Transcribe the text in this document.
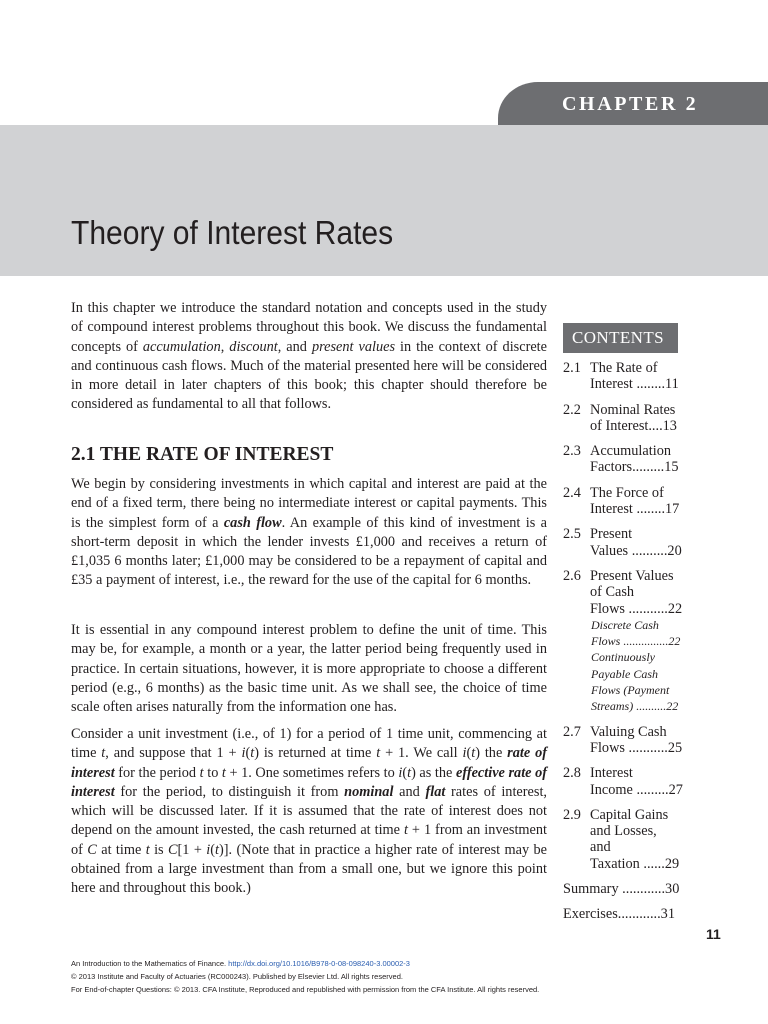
CHAPTER 2
Theory of Interest Rates

In this chapter we introduce the standard notation and concepts used in the study of compound interest problems throughout this book. We discuss the fundamental concepts of accumulation, discount, and present values in the context of discrete and continuous cash flows. Much of the material presented here will be considered in more detail in later chapters of this book; this chapter should therefore be considered as fundamental to all that follows.

2.1 THE RATE OF INTEREST

We begin by considering investments in which capital and interest are paid at the end of a fixed term, there being no intermediate interest or capital payments. This is the simplest form of a cash flow. An example of this kind of investment is a short-term deposit in which the lender invests £1,000 and receives a return of £1,035 6 months later; £1,000 may be considered to be a repayment of capital and £35 a payment of interest, i.e., the reward for the use of the capital for 6 months.

It is essential in any compound interest problem to define the unit of time. This may be, for example, a month or a year, the latter period being frequently used in practice. In certain situations, however, it is more appropriate to choose a different period (e.g., 6 months) as the basic time unit. As we shall see, the choice of time scale often arises naturally from the information one has.

Consider a unit investment (i.e., of 1) for a period of 1 time unit, commencing at time t, and suppose that 1 + i(t) is returned at time t + 1. We call i(t) the rate of interest for the period t to t + 1. One sometimes refers to i(t) as the effective rate of interest for the period, to distinguish it from nominal and flat rates of interest, which will be discussed later. If it is assumed that the rate of interest does not depend on the amount invested, the cash returned at time t + 1 from an investment of C at time t is C[1 + i(t)]. (Note that in practice a higher rate of interest may be obtained from a large investment than from a small one, but we ignore this point here and throughout this book.)

CONTENTS
2.1 The Rate of
Interest ........11
2.2 Nominal Rates
of Interest....13
2.3 Accumulation
Factors.........15
2.4 The Force of
Interest ........17
2.5 Present
Values ..........20
2.6 Present Values
of Cash
Flows ...........22
Discrete Cash
Flows ...............22
Continuously
Payable Cash
Flows (Payment
Streams) ..........22
2.7 Valuing Cash
Flows ...........25
2.8 Interest
Income .........27
2.9 Capital Gains
and Losses,
and
Taxation ......29
Summary ............30
Exercises............31
11
An Introduction to the Mathematics of Finance. http://dx.doi.org/10.1016/B978-0-08-098240-3.00002-3
© 2013 Institute and Faculty of Actuaries (RC000243). Published by Elsevier Ltd. All rights reserved.
For End-of-chapter Questions: © 2013. CFA Institute, Reproduced and republished with permission from the CFA Institute. All rights reserved.
